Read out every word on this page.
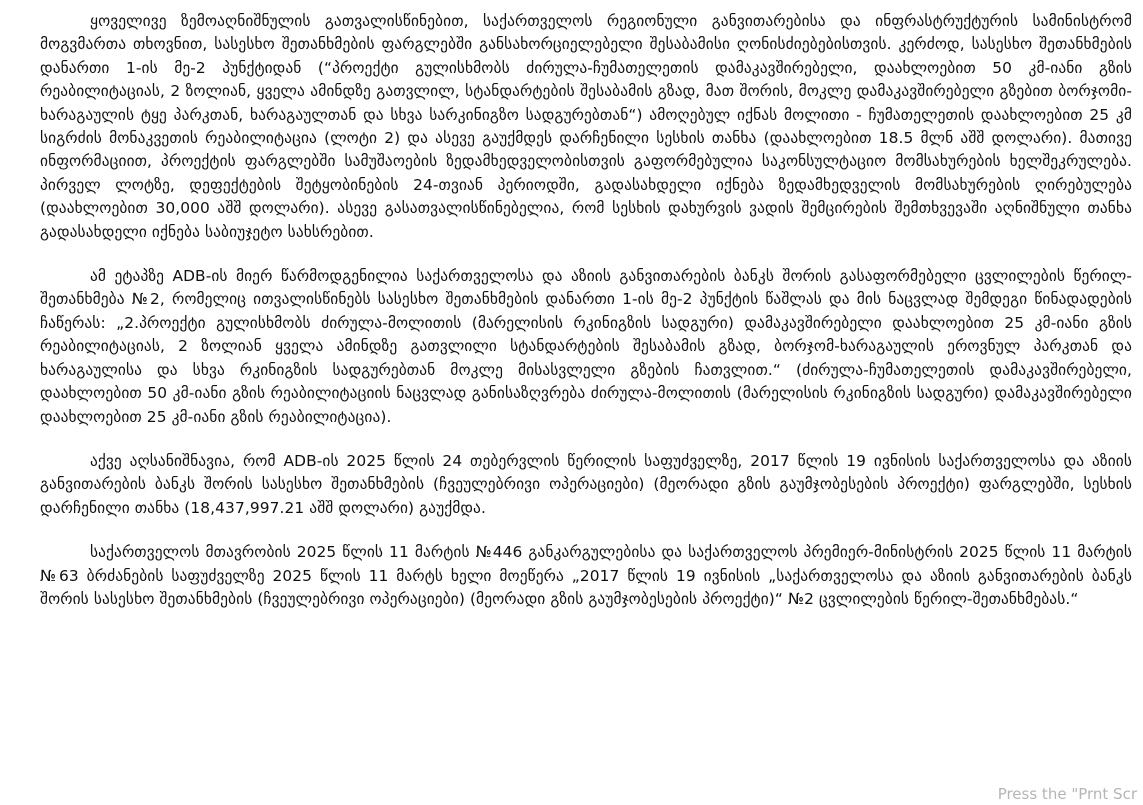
ყოველივე ზემოაღნიშნულის გათვალისწინებით, საქართველოს რეგიონული განვითარებისა და ინფრასტრუქტურის სამინისტრომ მოგვმართა თხოვნით, სასესხო შეთანხმების ფარგლებში განსახორციელებელი შესაბამისი ღონისძიებებისთვის. კერძოდ, სასესხო შეთანხმების დანართი 1-ის მე-2 პუნქტიდან (“პროექტი გულისხმობს ძირულა-ჩუმათელეთის დამაკავშირებელი, დაახლოებით 50 კმ-იანი გზის რეაბილიტაციას, 2 ზოლიან, ყველა ამინდზე გათვლილ, სტანდარტების შესაბამის გზად, მათ შორის, მოკლე დამაკავშირებელი გზებით ბორჯომი-ხარაგაულის ტყე პარკთან, ხარაგაულთან და სხვა სარკინიგზო სადგურებთან“) ამოღებულ იქნას მოლითი - ჩუმათელეთის დაახლოებით 25 კმ სიგრძის მონაკვეთის რეაბილიტაცია (ლოტი 2) და ასევე გაუქმდეს დარჩენილი სესხის თანხა (დაახლოებით 18.5 მლნ აშშ დოლარი). მათივე ინფორმაციით, პროექტის ფარგლებში სამუშაოების ზედამხედველობისთვის გაფორმებულია საკონსულტაციო მომსახურების ხელშეკრულება. პირველ ლოტზე, დეფექტების შეტყობინების 24-თვიან პერიოდში, გადასახდელი იქნება ზედამხედველის მომსახურების ღირებულება (დაახლოებით 30,000 აშშ დოლარი). ასევე გასათვალისწინებელია, რომ სესხის დახურვის ვადის შემცირების შემთხვევაში აღნიშნული თანხა გადასახდელი იქნება საბიუჯეტო სახსრებით.

ამ ეტაპზე ADB-ის მიერ წარმოდგენილია საქართველოსა და აზიის განვითარების ბანკს შორის გასაფორმებელი ცვლილების წერილ-შეთანხმება №2, რომელიც ითვალისწინებს სასესხო შეთანხმების დანართი 1-ის მე-2 პუნქტის წაშლას და მის ნაცვლად შემდეგი წინადადების ჩაწერას: „2.პროექტი გულისხმობს ძირულა-მოლითის (მარელისის რკინიგზის სადგური) დამაკავშირებელი დაახლოებით 25 კმ-იანი გზის რეაბილიტაციას, 2 ზოლიან ყველა ამინდზე გათვლილი სტანდარტების შესაბამის გზად, ბორჯომ-ხარაგაულის ეროვნულ პარკთან და ხარაგაულისა და სხვა რკინიგზის სადგურებთან მოკლე მისასვლელი გზების ჩათვლით.“ (ძირულა-ჩუმათელეთის დამაკავშირებელი, დაახლოებით 50 კმ-იანი გზის რეაბილიტაციის ნაცვლად განისაზღვრება ძირულა-მოლითის (მარელისის რკინიგზის სადგური) დამაკავშირებელი დაახლოებით 25 კმ-იანი გზის რეაბილიტაცია).

აქვე აღსანიშნავია, რომ ADB-ის 2025 წლის 24 თებერვლის წერილის საფუძველზე, 2017 წლის 19 ივნისის საქართველოსა და აზიის განვითარების ბანკს შორის სასესხო შეთანხმების (ჩვეულებრივი ოპერაციები) (მეორადი გზის გაუმჯობესების პროექტი) ფარგლებში, სესხის დარჩენილი თანხა (18,437,997.21 აშშ დოლარი) გაუქმდა.

საქართველოს მთავრობის 2025 წლის 11 მარტის №446 განკარგულებისა და საქართველოს პრემიერ-მინისტრის 2025 წლის 11 მარტის №63 ბრძანების საფუძველზე 2025 წლის 11 მარტს ხელი მოეწერა „2017 წლის 19 ივნისის „საქართველოსა და აზიის განვითარების ბანკს შორის სასესხო შეთანხმების (ჩვეულებრივი ოპერაციები) (მეორადი გზის გაუმჯობესების პროექტი)“ №2 ცვლილების წერილ-შეთანხმებას.“

Press the "Prnt Scr
